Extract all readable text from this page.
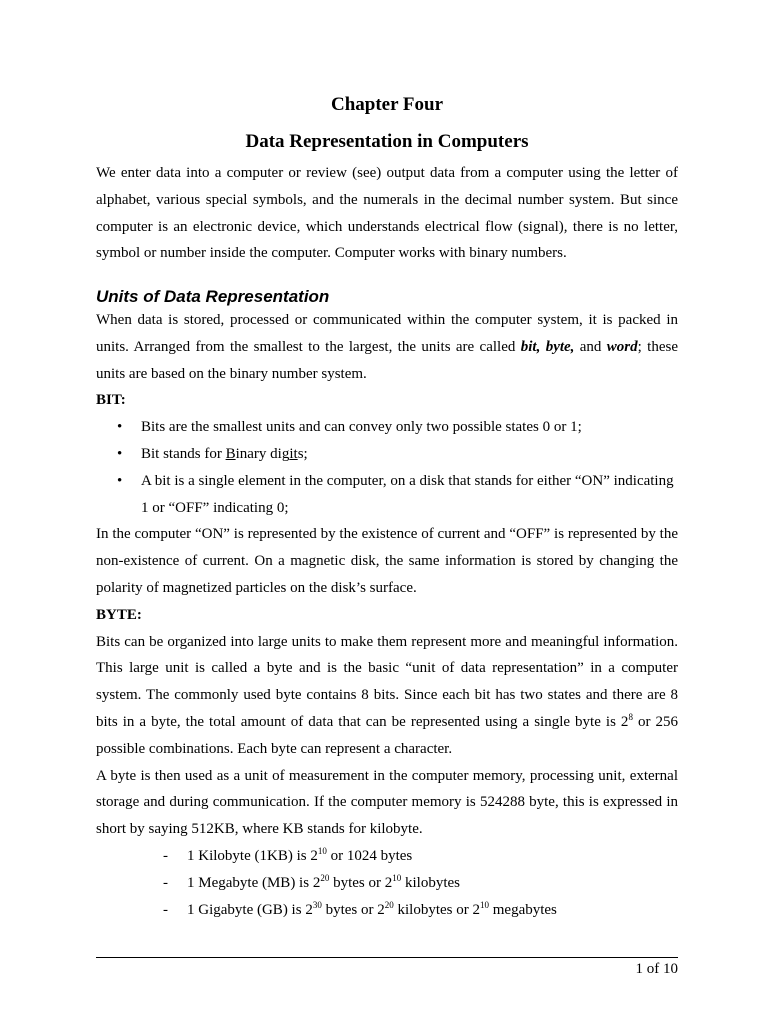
Chapter Four
Data Representation in Computers

We enter data into a computer or review (see) output data from a computer using the letter of alphabet, various special symbols, and the numerals in the decimal number system. But since computer is an electronic device, which understands electrical flow (signal), there is no letter, symbol or number inside the computer. Computer works with binary numbers.

Units of Data Representation

When data is stored, processed or communicated within the computer system, it is packed in units. Arranged from the smallest to the largest, the units are called bit, byte, and word; these units are based on the binary number system.

BIT:

• Bits are the smallest units and can convey only two possible states 0 or 1;
• Bit stands for Binary digits;
• A bit is a single element in the computer, on a disk that stands for either “ON” indicating 1 or “OFF” indicating 0;

In the computer “ON” is represented by the existence of current and “OFF” is represented by the non-existence of current. On a magnetic disk, the same information is stored by changing the polarity of magnetized particles on the disk’s surface.

BYTE:

Bits can be organized into large units to make them represent more and meaningful information. This large unit is called a byte and is the basic “unit of data representation” in a computer system. The commonly used byte contains 8 bits. Since each bit has two states and there are 8 bits in a byte, the total amount of data that can be represented using a single byte is $2^8$ or 256 possible combinations. Each byte can represent a character.

A byte is then used as a unit of measurement in the computer memory, processing unit, external storage and during communication. If the computer memory is 524288 byte, this is expressed in short by saying 512KB, where KB stands for kilobyte.

- 1 Kilobyte (1KB) is $2^{10}$ or 1024 bytes
- 1 Megabyte (MB) is $2^{20}$ bytes or $2^{10}$ kilobytes
- 1 Gigabyte (GB) is $2^{30}$ bytes or $2^{20}$ kilobytes or $2^{10}$ megabytes
1 of 10
